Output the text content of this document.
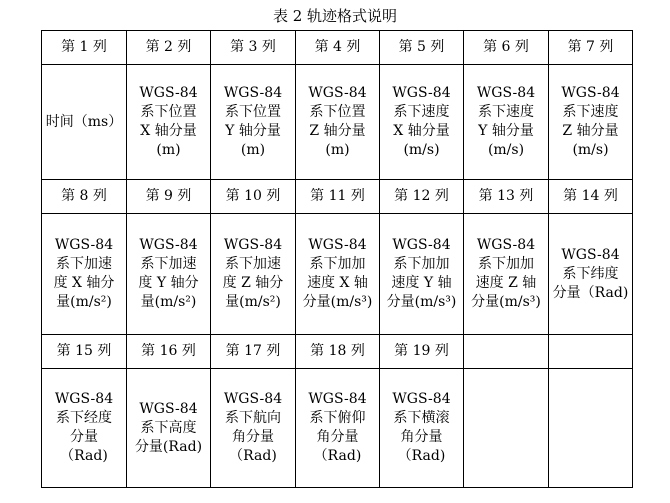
表 2 轨迹格式说明
第 1 列	第 2 列	第 3 列	第 4 列	第 5 列	第 6 列	第 7 列

时间（ms）	WGS-84
系下位置
X 轴分量
(m)	WGS-84
系下位置
Y 轴分量
(m)	WGS-84
系下位置
Z 轴分量
(m)	WGS-84
系下速度
X 轴分量
(m/s)	WGS-84
系下速度
Y 轴分量
(m/s)	WGS-84
系下速度
Z 轴分量
(m/s)

第 8 列	第 9 列	第 10 列	第 11 列	第 12 列	第 13 列	第 14 列

WGS-84
系下加速
度 X 轴分
量(m/s²)	WGS-84
系下加速
度 Y 轴分
量(m/s²)	WGS-84
系下加速
度 Z 轴分
量(m/s²)	WGS-84
系下加加
速度 X 轴
分量(m/s³)	WGS-84
系下加加
速度 Y 轴
分量(m/s³)	WGS-84
系下加加
速度 Z 轴
分量(m/s³)	WGS-84
系下纬度
分量（Rad)

第 15 列	第 16 列	第 17 列	第 18 列	第 19 列		

WGS-84
系下经度
分量
（Rad)	WGS-84
系下高度
分量(Rad)	WGS-84
系下航向
角分量
（Rad)	WGS-84
系下俯仰
角分量
（Rad)	WGS-84
系下横滚
角分量
（Rad)		
